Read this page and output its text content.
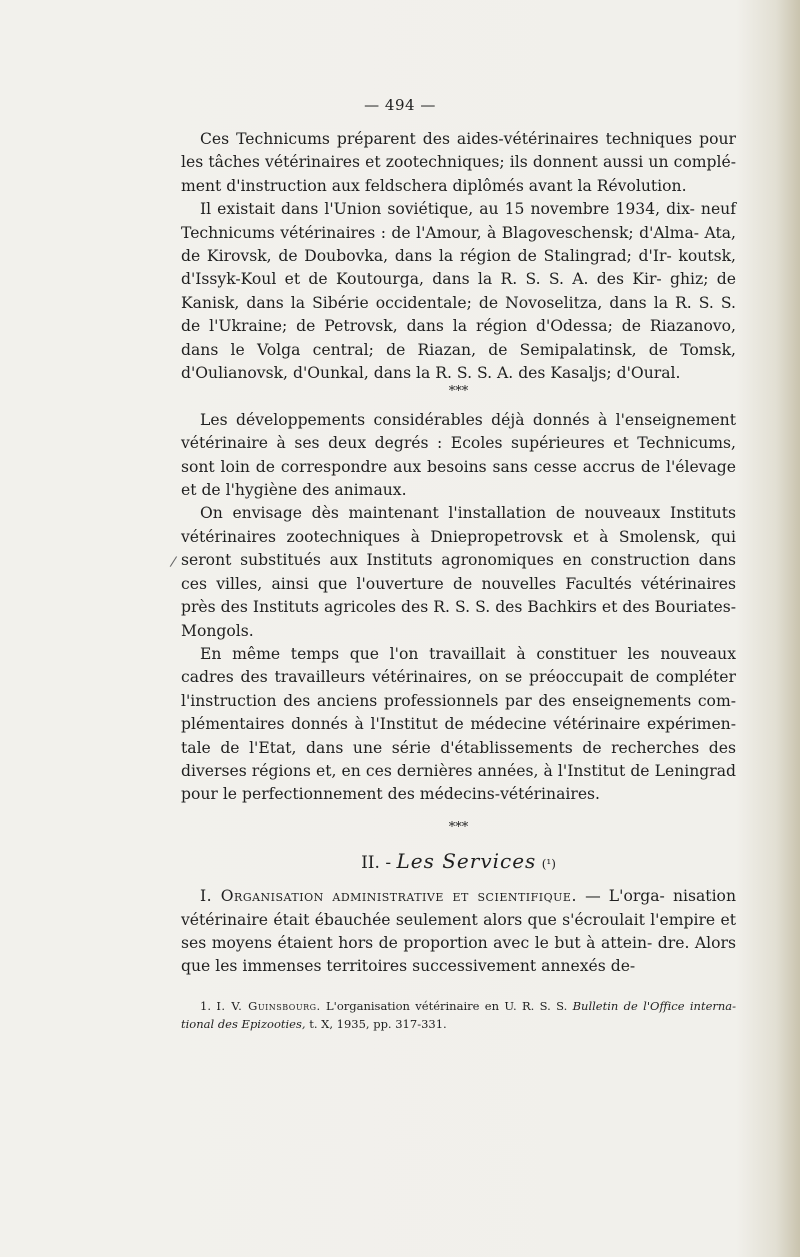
— 494 —
/

Ces Technicums préparent des aides-vétérinaires techniques pour les tâches vétérinaires et zootechniques; ils donnent aussi un complé- ment d'instruction aux feldschera diplômés avant la Révolution.

Il existait dans l'Union soviétique, au 15 novembre 1934, dix- neuf Technicums vétérinaires : de l'Amour, à Blagoveschensk; d'Alma- Ata, de Kirovsk, de Doubovka, dans la région de Stalingrad; d'Ir- koutsk, d'Issyk-Koul et de Koutourga, dans la R. S. S. A. des Kir- ghiz; de Kanisk, dans la Sibérie occidentale; de Novoselitza, dans la R. S. S. de l'Ukraine; de Petrovsk, dans la région d'Odessa; de Riazanovo, dans le Volga central; de Riazan, de Semipalatinsk, de Tomsk, d'Oulianovsk, d'Ounkal, dans la R. S. S. A. des Kasaljs; d'Oural.

***

Les développements considérables déjà donnés à l'enseignement vétérinaire à ses deux degrés : Ecoles supérieures et Technicums, sont loin de correspondre aux besoins sans cesse accrus de l'élevage et de l'hygiène des animaux.

On envisage dès maintenant l'installation de nouveaux Instituts vétérinaires zootechniques à Dniepropetrovsk et à Smolensk, qui seront substitués aux Instituts agronomiques en construction dans ces villes, ainsi que l'ouverture de nouvelles Facultés vétérinaires près des Instituts agricoles des R. S. S. des Bachkirs et des Bouriates- Mongols.

En même temps que l'on travaillait à constituer les nouveaux cadres des travailleurs vétérinaires, on se préoccupait de compléter l'instruction des anciens professionnels par des enseignements com- plémentaires donnés à l'Institut de médecine vétérinaire expérimen- tale de l'Etat, dans une série d'établissements de recherches des diverses régions et, en ces dernières années, à l'Institut de Leningrad pour le perfectionnement des médecins-vétérinaires.

***
II. - Les Services (¹)

I. Organisation administrative et scientifique. — L'orga- nisation vétérinaire était ébauchée seulement alors que s'écroulait l'empire et ses moyens étaient hors de proportion avec le but à attein- dre. Alors que les immenses territoires successivement annexés de-

1. I. V. Guinsbourg. L'organisation vétérinaire en U. R. S. S. Bulletin de l'Office interna- tional des Epizooties, t. X, 1935, pp. 317-331.
